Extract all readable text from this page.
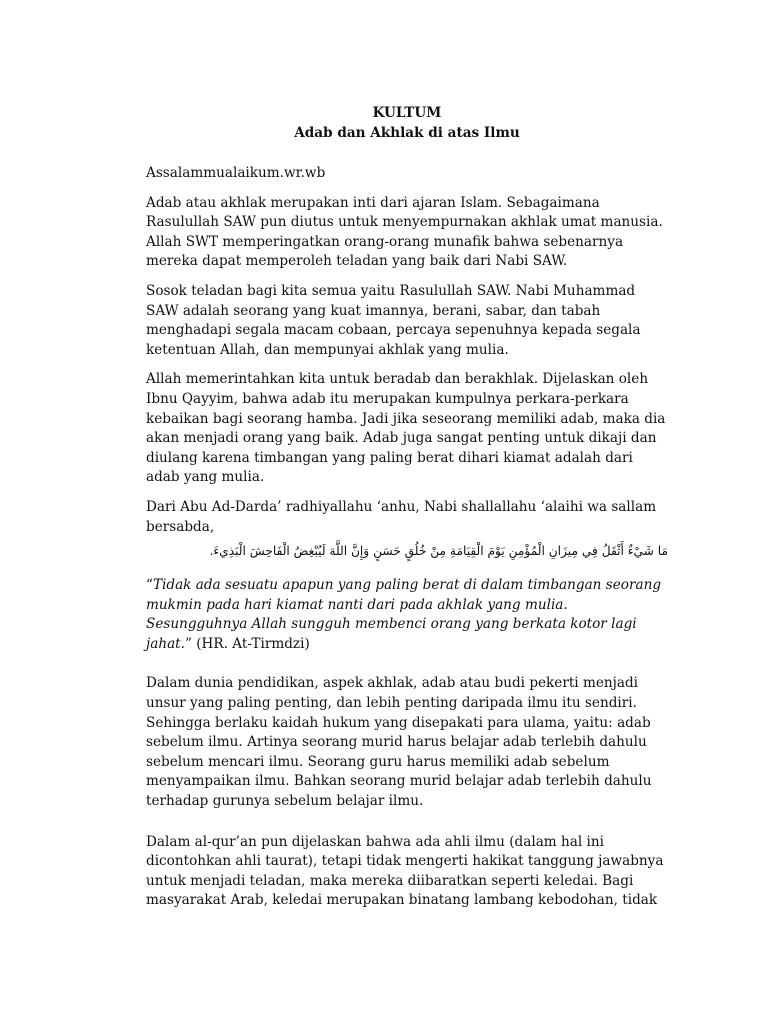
KULTUM
Adab dan Akhlak di atas Ilmu

Assalammualaikum.wr.wb

Adab atau akhlak merupakan inti dari ajaran Islam. Sebagaimana Rasulullah SAW pun diutus untuk menyempurnakan akhlak umat manusia. Allah SWT memperingatkan orang-orang munafik bahwa sebenarnya mereka dapat memperoleh teladan yang baik dari Nabi SAW.

Sosok teladan bagi kita semua yaitu Rasulullah SAW. Nabi Muhammad SAW adalah seorang yang kuat imannya, berani, sabar, dan tabah menghadapi segala macam cobaan, percaya sepenuhnya kepada segala ketentuan Allah, dan mempunyai akhlak yang mulia.

Allah memerintahkan kita untuk beradab dan berakhlak. Dijelaskan oleh Ibnu Qayyim, bahwa adab itu merupakan kumpulnya perkara-perkara kebaikan bagi seorang hamba. Jadi jika seseorang memiliki adab, maka dia akan menjadi orang yang baik. Adab juga sangat penting untuk dikaji dan diulang karena timbangan yang paling berat dihari kiamat adalah dari adab yang mulia.

Dari Abu Ad-Darda’ radhiyallahu ‘anhu, Nabi shallallahu ‘alaihi wa sallam bersabda,

مَا شَيْءٌ أَثْقَلُ فِي مِيزَانِ الْمُؤْمِنِ يَوْمَ الْقِيَامَةِ مِنْ خُلُقٍ حَسَنٍ وَإِنَّ اللَّهَ لَيُبْغِضُ الْفَاحِشَ الْبَذِيءَ.

“Tidak ada sesuatu apapun yang paling berat di dalam timbangan seorang mukmin pada hari kiamat nanti dari pada akhlak yang mulia. Sesungguhnya Allah sungguh membenci orang yang berkata kotor lagi jahat.” (HR. At-Tirmdzi)

Dalam dunia pendidikan, aspek akhlak, adab atau budi pekerti menjadi unsur yang paling penting, dan lebih penting daripada ilmu itu sendiri. Sehingga berlaku kaidah hukum yang disepakati para ulama, yaitu: adab sebelum ilmu. Artinya seorang murid harus belajar adab terlebih dahulu sebelum mencari ilmu. Seorang guru harus memiliki adab sebelum menyampaikan ilmu. Bahkan seorang murid belajar adab terlebih dahulu terhadap gurunya sebelum belajar ilmu.

Dalam al-qur’an pun dijelaskan bahwa ada ahli ilmu (dalam hal ini dicontohkan ahli taurat), tetapi tidak mengerti hakikat tanggung jawabnya untuk menjadi teladan, maka mereka diibaratkan seperti keledai. Bagi masyarakat Arab, keledai merupakan binatang lambang kebodohan, tidak
